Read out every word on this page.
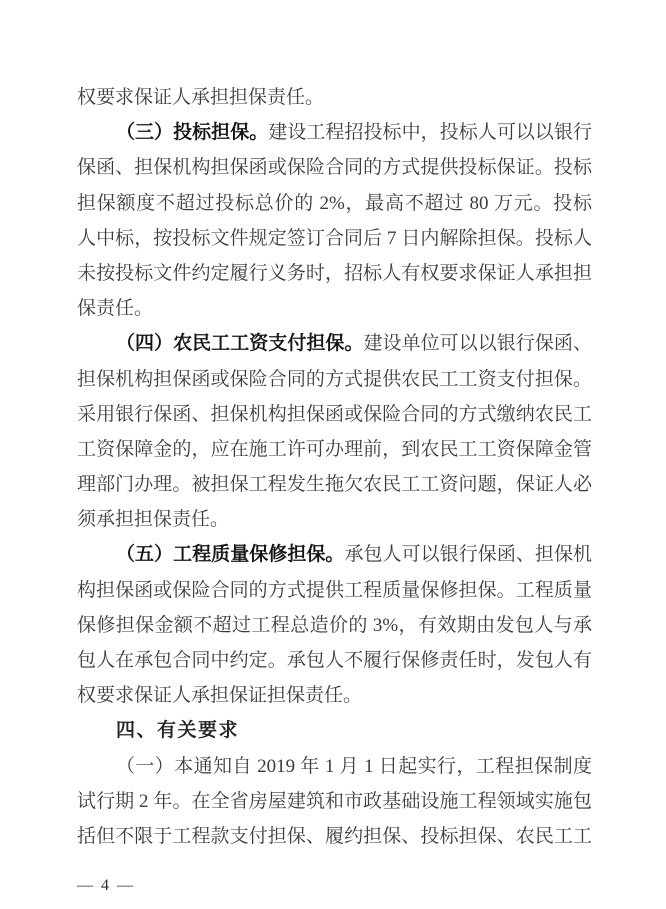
权要求保证人承担担保责任。
（三）投标担保。建设工程招投标中，投标人可以以银行
保函、担保机构担保函或保险合同的方式提供投标保证。投标
担保额度不超过投标总价的 2%，最高不超过 80 万元。投标
人中标，按投标文件规定签订合同后 7 日内解除担保。投标人
未按投标文件约定履行义务时，招标人有权要求保证人承担担
保责任。
（四）农民工工资支付担保。建设单位可以以银行保函、
担保机构担保函或保险合同的方式提供农民工工资支付担保。
采用银行保函、担保机构担保函或保险合同的方式缴纳农民工
工资保障金的，应在施工许可办理前，到农民工工资保障金管
理部门办理。被担保工程发生拖欠农民工工资问题，保证人必
须承担担保责任。
（五）工程质量保修担保。承包人可以银行保函、担保机
构担保函或保险合同的方式提供工程质量保修担保。工程质量
保修担保金额不超过工程总造价的 3%，有效期由发包人与承
包人在承包合同中约定。承包人不履行保修责任时，发包人有
权要求保证人承担保证担保责任。
四、有关要求
（一）本通知自 2019 年 1 月 1 日起实行，工程担保制度
试行期 2 年。在全省房屋建筑和市政基础设施工程领域实施包
括但不限于工程款支付担保、履约担保、投标担保、农民工工
— 4 —
